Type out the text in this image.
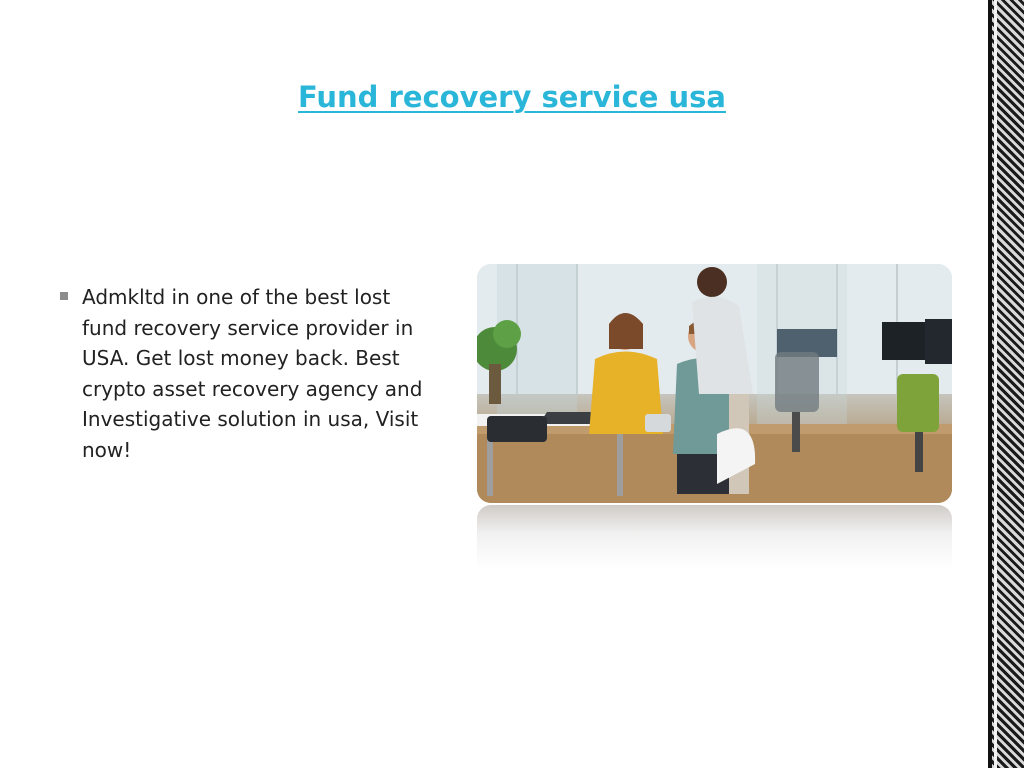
Fund recovery service usa

Admkltd in one of the best lost fund recovery service provider in USA. Get lost money back. Best crypto asset recovery agency and Investigative solution in usa, Visit now!
